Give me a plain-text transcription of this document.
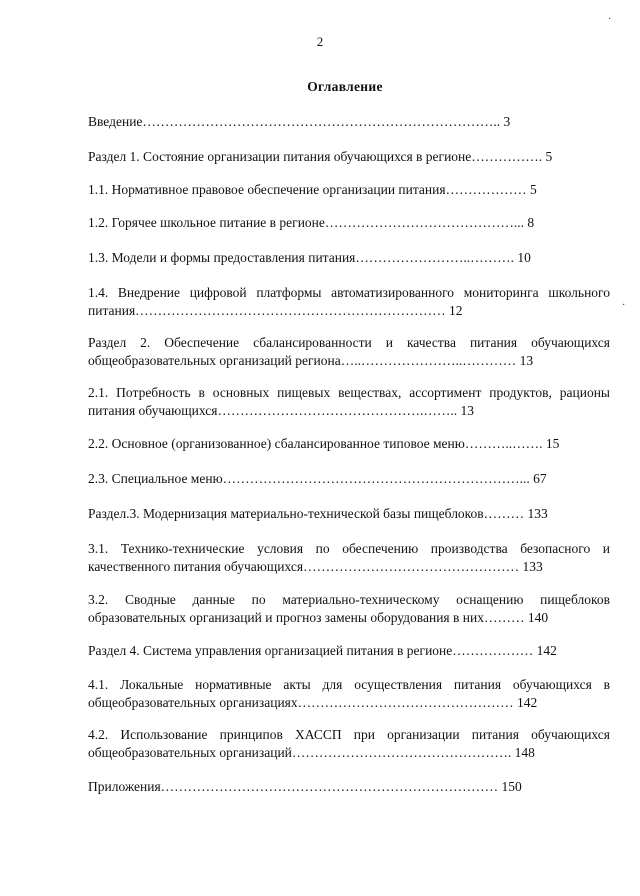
2
Оглавление
Введение…………………………………………………………………….. 3
Раздел 1. Состояние организации питания обучающихся в регионе……………. 5
1.1. Нормативное правовое обеспечение организации питания……………… 5
1.2. Горячее школьное питание в регионе……………………………………... 8
1.3. Модели и формы предоставления питания……………………..………. 10
1.4. Внедрение цифровой платформы автоматизированного мониторинга школьного питания…………………………………………………………… 12
Раздел 2. Обеспечение сбалансированности и качества питания обучающихся общеобразовательных организаций региона…..…………………..………… 13
2.1. Потребность в основных пищевых веществах, ассортимент продуктов, рационы питания обучающихся……………………………………….…….. 13
2.2. Основное (организованное) сбалансированное типовое меню………..……. 15
2.3. Специальное меню…………………………………………………………... 67
Раздел.3. Модернизация материально-технической базы пищеблоков……… 133
3.1. Технико-технические условия по обеспечению производства безопасного и качественного питания обучающихся………………………………………… 133
3.2. Сводные данные по материально-техническому оснащению пищеблоков образовательных организаций и прогноз замены оборудования в них……… 140
Раздел 4. Система управления организацией питания в регионе……………… 142
4.1. Локальные нормативные акты для осуществления питания обучающихся в общеобразовательных организациях………………………………………… 142
4.2. Использование принципов ХАССП при организации питания обучающихся общеобразовательных организаций…………………………………………. 148
Приложения………………………………………………………………… 150
·
·
